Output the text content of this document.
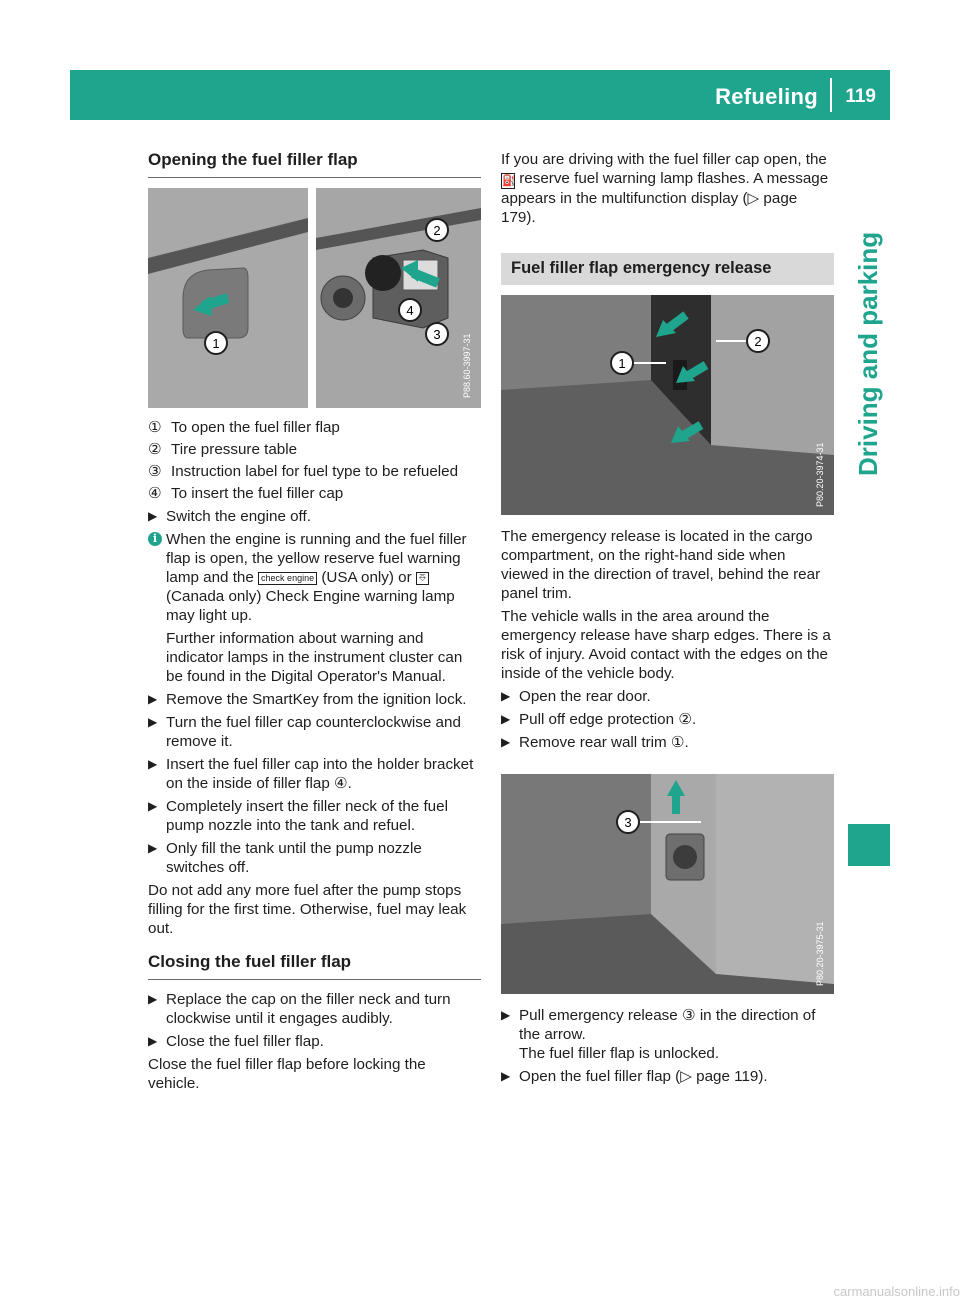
Refueling 119
Driving and parking
Opening the fuel filler flap
1
2
3
4
P88.60-3997-31
① To open the fuel filler flap
② Tire pressure table
③ Instruction label for fuel type to be refueled
④ To insert the fuel filler cap
▶ Switch the engine off.
i When the engine is running and the fuel filler flap is open, the yellow reserve fuel warning lamp and the check engine (USA only) or ⎑ (Canada only) Check Engine warning lamp may light up.
Further information about warning and indicator lamps in the instrument cluster can be found in the Digital Operator's Manual.
▶ Remove the SmartKey from the ignition lock.
▶ Turn the fuel filler cap counterclockwise and remove it.
▶ Insert the fuel filler cap into the holder bracket on the inside of filler flap ④.
▶ Completely insert the filler neck of the fuel pump nozzle into the tank and refuel.
▶ Only fill the tank until the pump nozzle switches off.
Do not add any more fuel after the pump stops filling for the first time. Otherwise, fuel may leak out.
Closing the fuel filler flap
▶ Replace the cap on the filler neck and turn clockwise until it engages audibly.
▶ Close the fuel filler flap.
Close the fuel filler flap before locking the vehicle.
If you are driving with the fuel filler cap open, the ⛽ reserve fuel warning lamp flashes. A message appears in the multifunction display (▷ page 179).
Fuel filler flap emergency release
1
2
P80.20-3974-31
The emergency release is located in the cargo compartment, on the right-hand side when viewed in the direction of travel, behind the rear panel trim.
The vehicle walls in the area around the emergency release have sharp edges. There is a risk of injury. Avoid contact with the edges on the inside of the vehicle body.
▶ Open the rear door.
▶ Pull off edge protection ②.
▶ Remove rear wall trim ①.
3
P80.20-3975-31
▶ Pull emergency release ③ in the direction of the arrow.
The fuel filler flap is unlocked.
▶ Open the fuel filler flap (▷ page 119).
carmanualsonline.info
